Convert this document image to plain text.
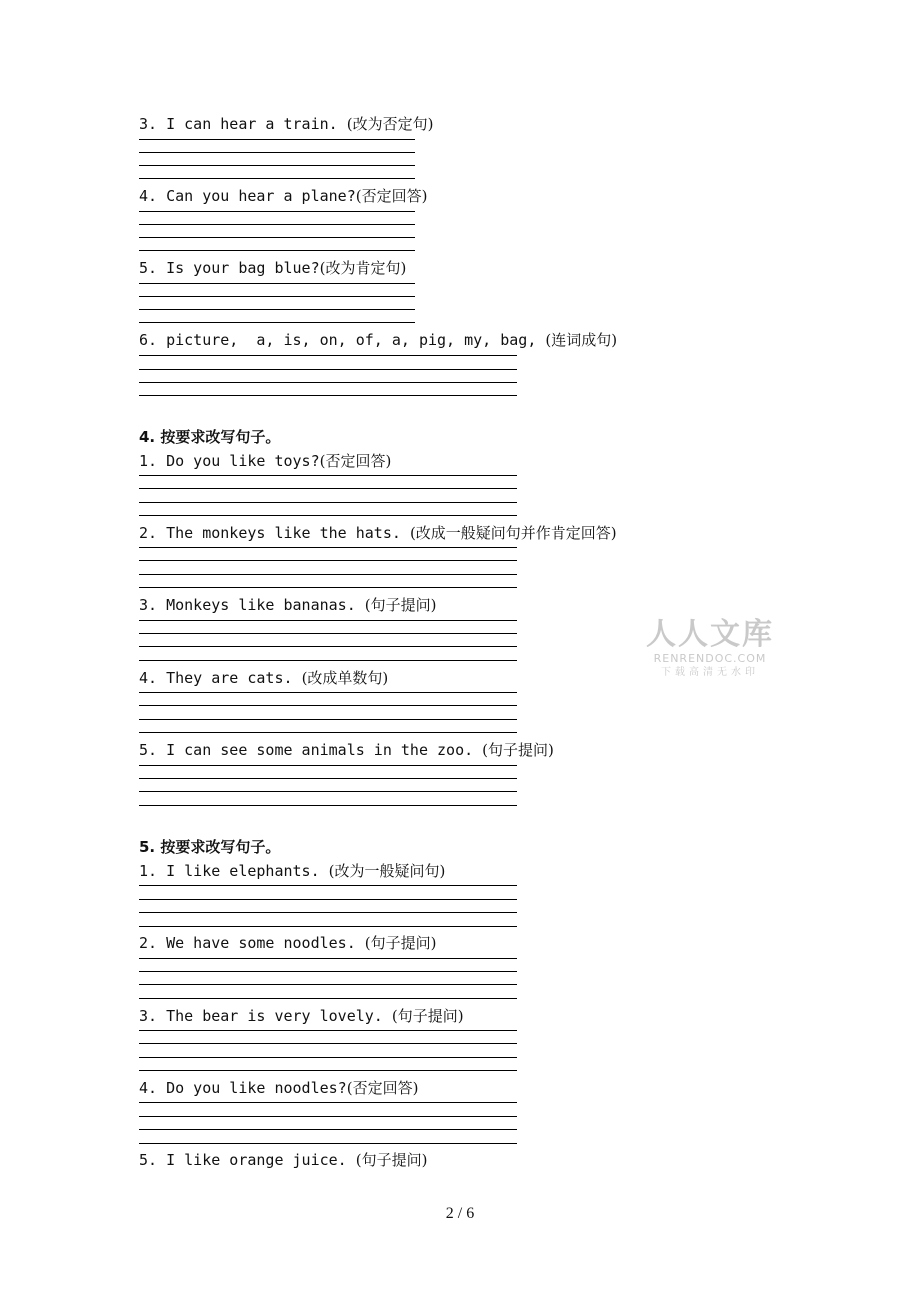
3. I can hear a train. (改为否定句)
4. Can you hear a plane?(否定回答)
5. Is your bag blue?(改为肯定句)
6. picture,  a, is, on, of, a, pig, my, bag, (连词成句)
4. 按要求改写句子。
1. Do you like toys?(否定回答)
2. The monkeys like the hats. (改成一般疑问句并作肯定回答)
3. Monkeys like bananas. (句子提问)
4. They are cats. (改成单数句)
5. I can see some animals in the zoo. (句子提问)
5. 按要求改写句子。
1. I like elephants. (改为一般疑问句)
2. We have some noodles. (句子提问)
3. The bear is very lovely. (句子提问)
4. Do you like noodles?(否定回答)
5. I like orange juice. (句子提问)
人人文库
RENRENDOC.COM
下载高清无水印
2 / 6
